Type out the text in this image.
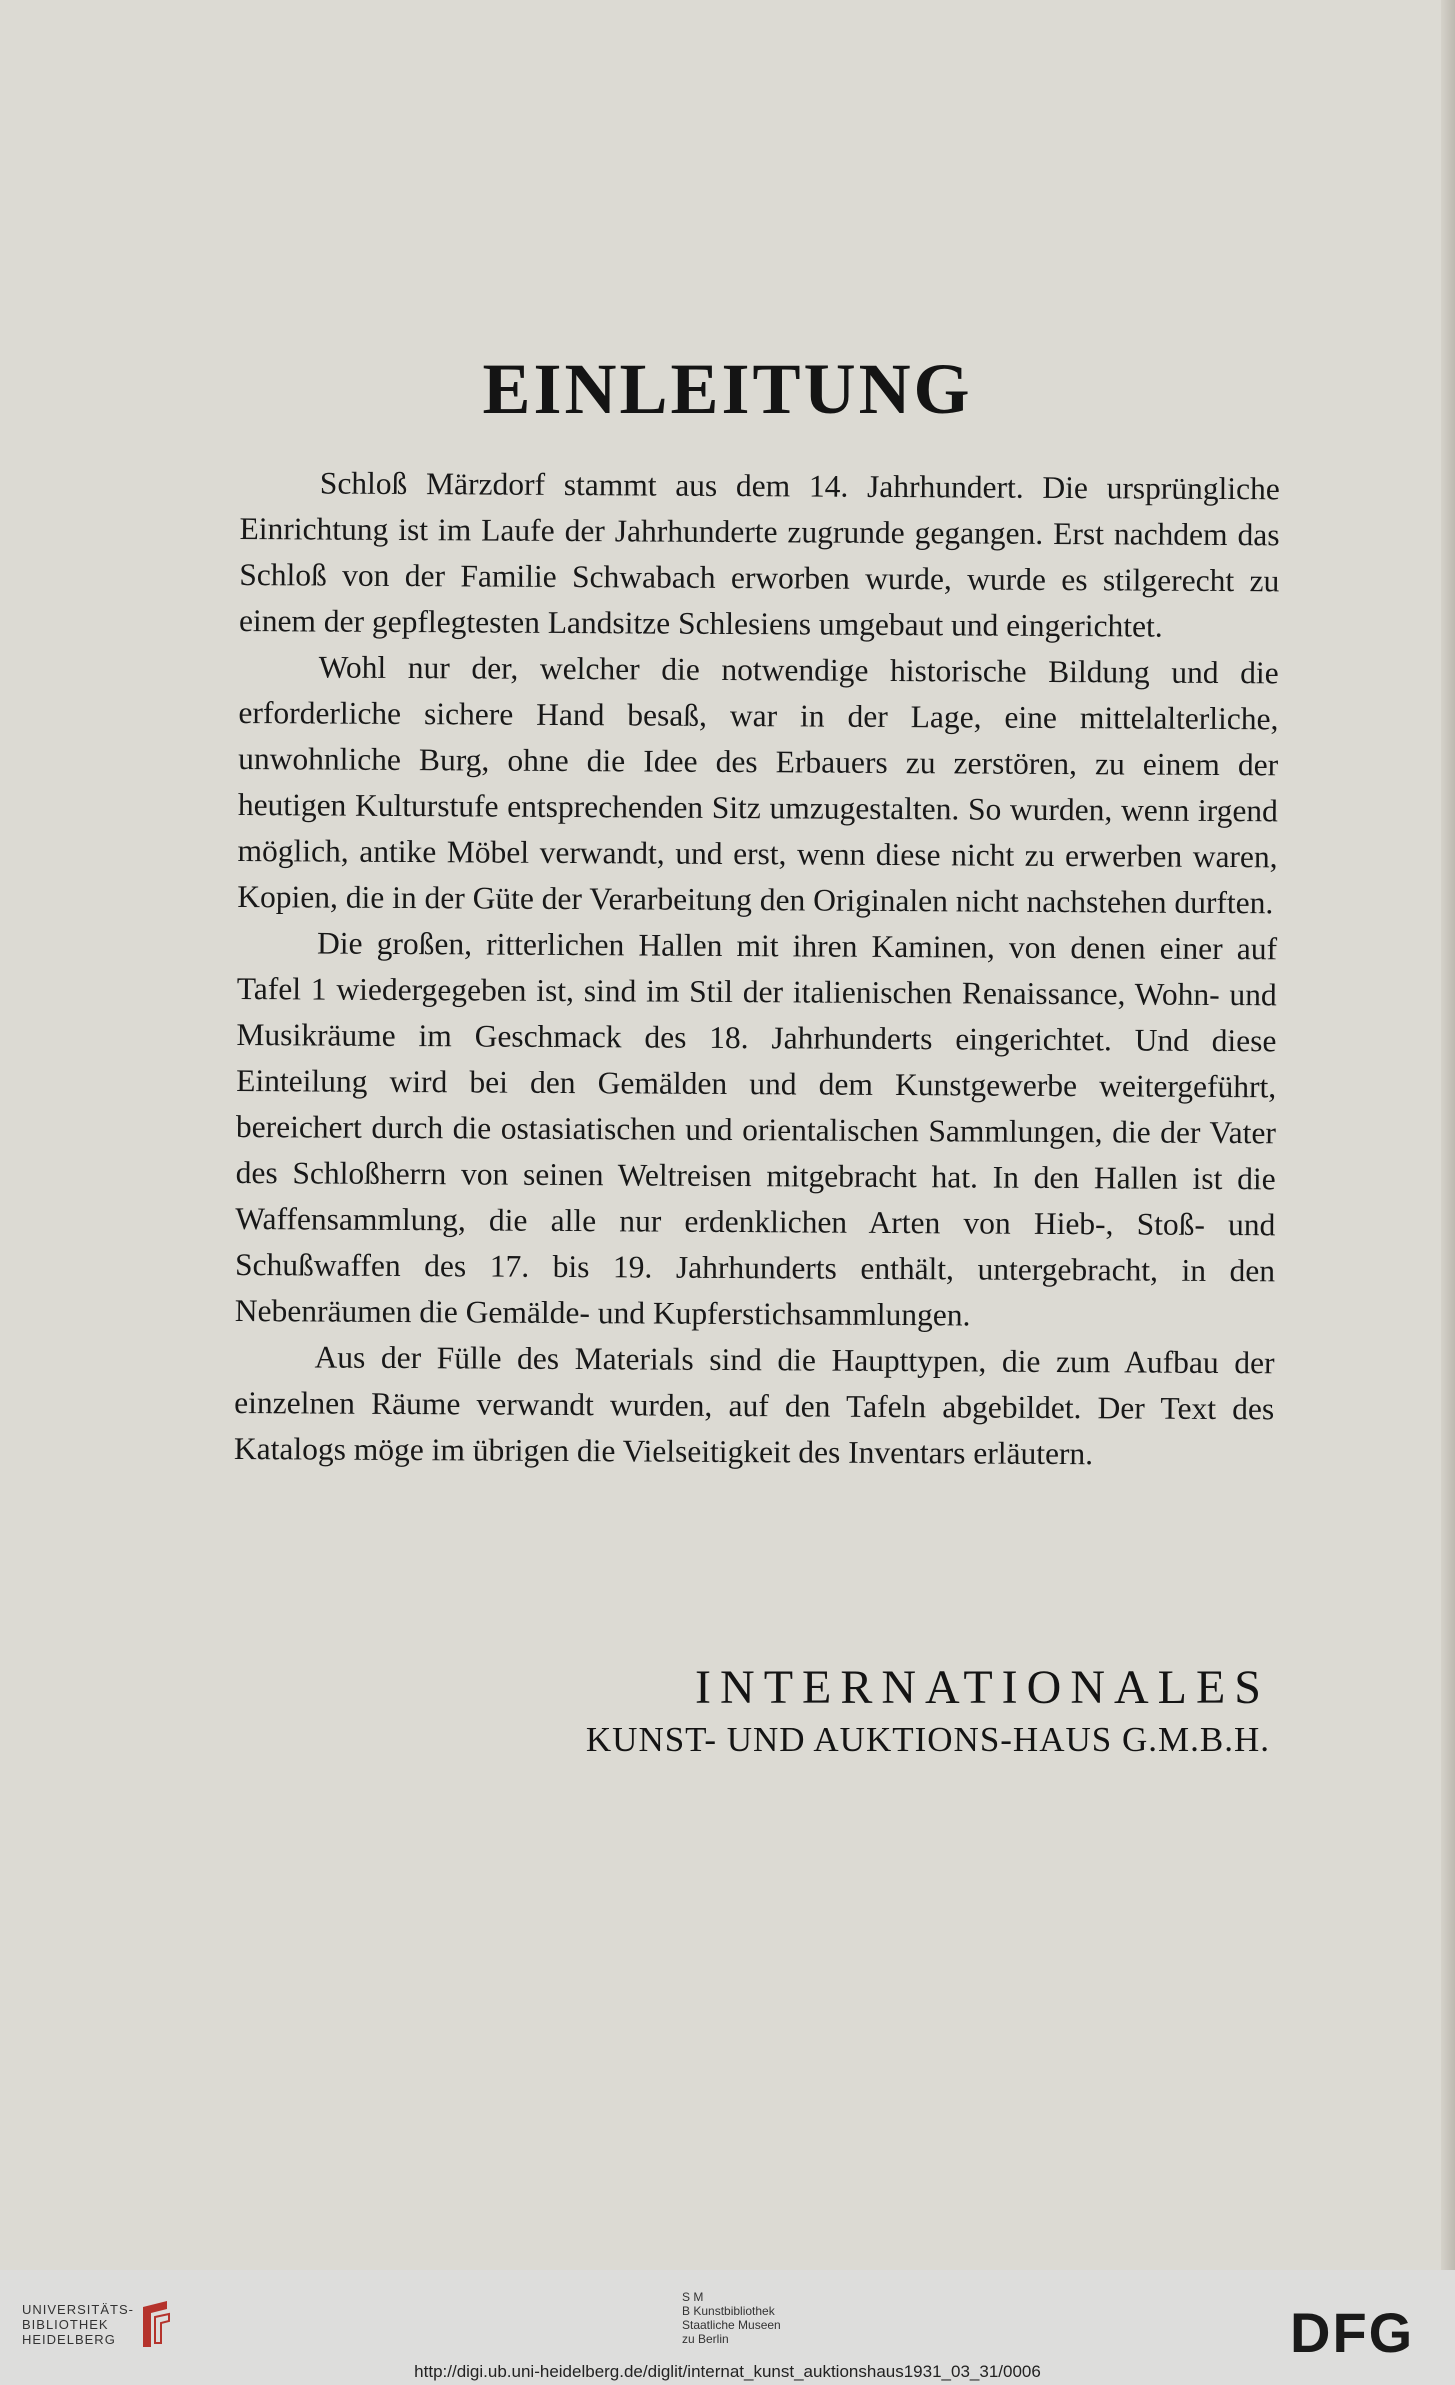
EINLEITUNG

Schloß Märzdorf stammt aus dem 14. Jahrhundert. Die ursprüngliche Einrichtung ist im Laufe der Jahrhunderte zugrunde gegangen. Erst nachdem das Schloß von der Familie Schwabach erworben wurde, wurde es stilgerecht zu einem der gepflegtesten Landsitze Schlesiens umgebaut und eingerichtet.

Wohl nur der, welcher die notwendige historische Bildung und die erforderliche sichere Hand besaß, war in der Lage, eine mittelalterliche, unwohnliche Burg, ohne die Idee des Erbauers zu zerstören, zu einem der heutigen Kulturstufe entsprechenden Sitz umzugestalten. So wurden, wenn irgend möglich, antike Möbel verwandt, und erst, wenn diese nicht zu erwerben waren, Kopien, die in der Güte der Verarbeitung den Originalen nicht nachstehen durften.

Die großen, ritterlichen Hallen mit ihren Kaminen, von denen einer auf Tafel 1 wiedergegeben ist, sind im Stil der italienischen Renaissance, Wohn- und Musikräume im Geschmack des 18. Jahrhunderts eingerichtet. Und diese Einteilung wird bei den Gemälden und dem Kunstgewerbe weitergeführt, bereichert durch die ostasiatischen und orientalischen Sammlungen, die der Vater des Schloßherrn von seinen Weltreisen mitgebracht hat. In den Hallen ist die Waffensammlung, die alle nur erdenklichen Arten von Hieb-, Stoß- und Schußwaffen des 17. bis 19. Jahrhunderts enthält, untergebracht, in den Nebenräumen die Gemälde- und Kupferstichsammlungen.

Aus der Fülle des Materials sind die Haupttypen, die zum Aufbau der einzelnen Räume verwandt wurden, auf den Tafeln abgebildet. Der Text des Katalogs möge im übrigen die Vielseitigkeit des Inventars erläutern.

INTERNATIONALES
KUNST- UND AUKTIONS-HAUS G.M.B.H.
UNIVERSITÄTS-
BIBLIOTHEK
HEIDELBERG
S M
B Kunstbibliothek
Staatliche Museen
zu Berlin	DFG
http://digi.ub.uni-heidelberg.de/diglit/internat_kunst_auktionshaus1931_03_31/0006
